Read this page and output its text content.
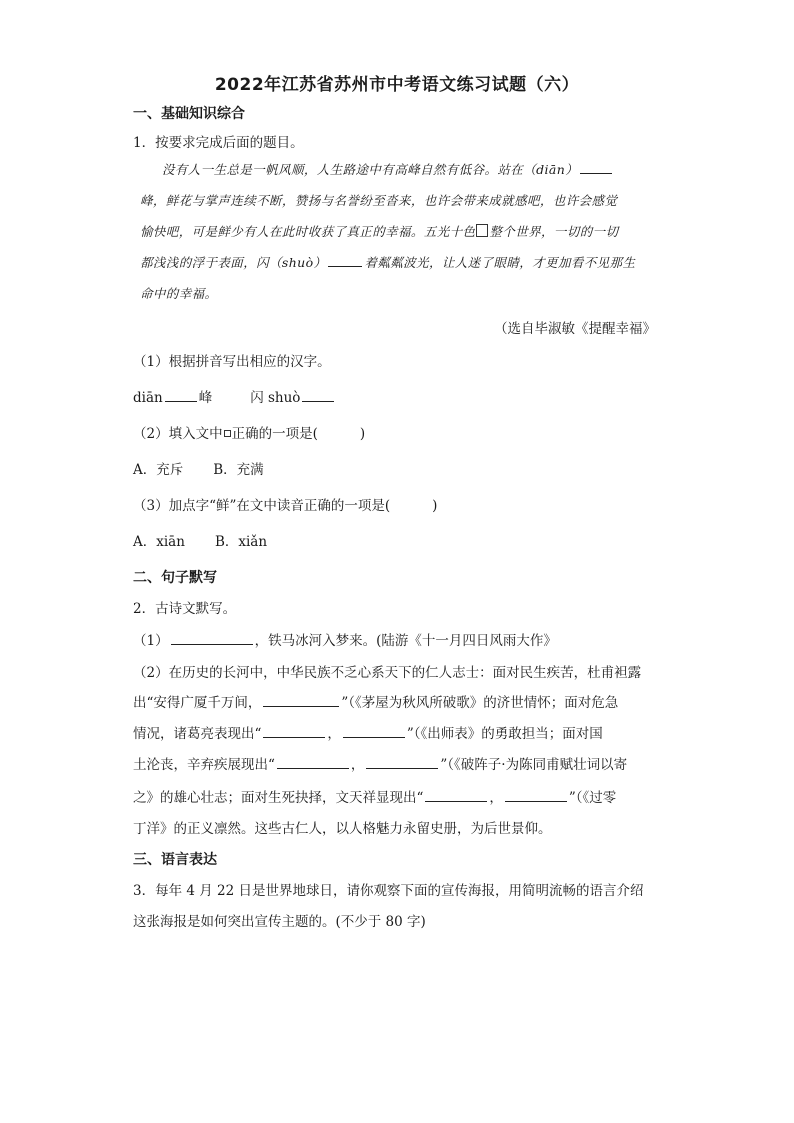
2022年江苏省苏州市中考语文练习试题（六）
一、基础知识综合
1．按要求完成后面的题目。
没有人一生总是一帆风顺，人生路途中有高峰自然有低谷。站在（diān）
峰，鲜花与掌声连续不断，赞扬与名誉纷至沓来，也许会带来成就感吧，也许会感觉
愉快吧，可是鲜少有人在此时收获了真正的幸福。五光十色 整个世界，一切的一切
都浅浅的浮于表面，闪（shuò）	着粼粼波光，让人迷了眼睛，才更加看不见那生
命中的幸福。
（选自毕淑敏《提醒幸福》
（1）根据拼音写出相应的汉字。
diān	峰	闪 shuò
（2）填入文中 正确的一项是(	)
A．充斥 B．充满
（3）加点字“鲜”在文中读音正确的一项是(	)
A．xiān B．xiǎn
二、句子默写
2．古诗文默写。
（1）	，铁马冰河入梦来。(陆游《十一月四日风雨大作》
（2）在历史的长河中，中华民族不乏心系天下的仁人志士：面对民生疾苦，杜甫袒露
出“安得广厦千万间，	”（《茅屋为秋风所破歌》的济世情怀；面对危急
情况，诸葛亮表现出“	，	”（《出师表》的勇敢担当；面对国
土沦丧，辛弃疾展现出“	，	”（《破阵子·为陈同甫赋壮词以寄
之》的雄心壮志；面对生死抉择，文天祥显现出“	，	”（《过零
丁洋》的正义凛然。这些古仁人，以人格魅力永留史册，为后世景仰。
三、语言表达
3．每年 4 月 22 日是世界地球日，请你观察下面的宣传海报，用简明流畅的语言介绍
这张海报是如何突出宣传主题的。(不少于 80 字)
